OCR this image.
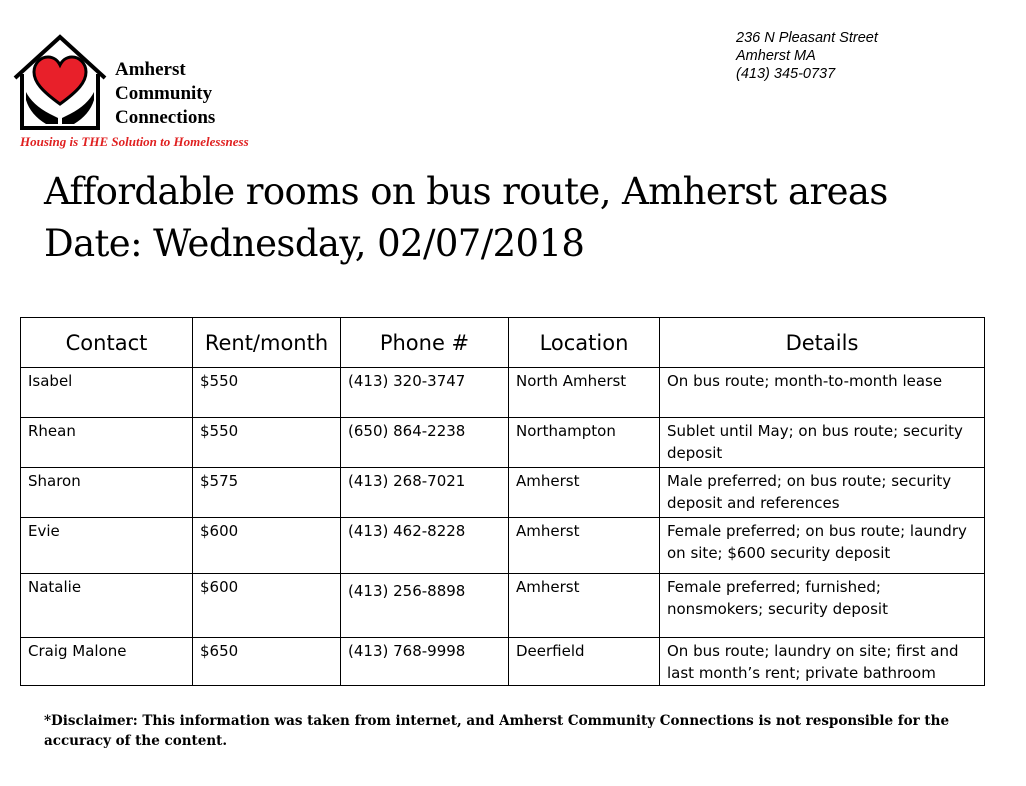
Amherst
Community
Connections
Housing is THE Solution to Homelessness
236 N Pleasant Street
Amherst MA
(413) 345-0737
Affordable rooms on bus route, Amherst areas
Date: Wednesday, 02/07/2018
Contact	Rent/month	Phone #	Location	Details
Isabel	$550	(413) 320-3747	North Amherst	On bus route; month-to-month lease
Rhean	$550	(650) 864-2238	Northampton	Sublet until May; on bus route; security deposit
Sharon	$575	(413) 268-7021	Amherst	Male preferred; on bus route; security deposit and references
Evie	$600	(413) 462-8228	Amherst	Female preferred; on bus route; laundry on site; $600 security deposit
Natalie	$600	(413) 256-8898	Amherst	Female preferred; furnished; nonsmokers; security deposit
Craig Malone	$650	(413) 768-9998	Deerfield	On bus route; laundry on site; first and last month’s rent; private bathroom
*Disclaimer: This information was taken from internet, and Amherst Community Connections is not responsible for the accuracy of the content.
